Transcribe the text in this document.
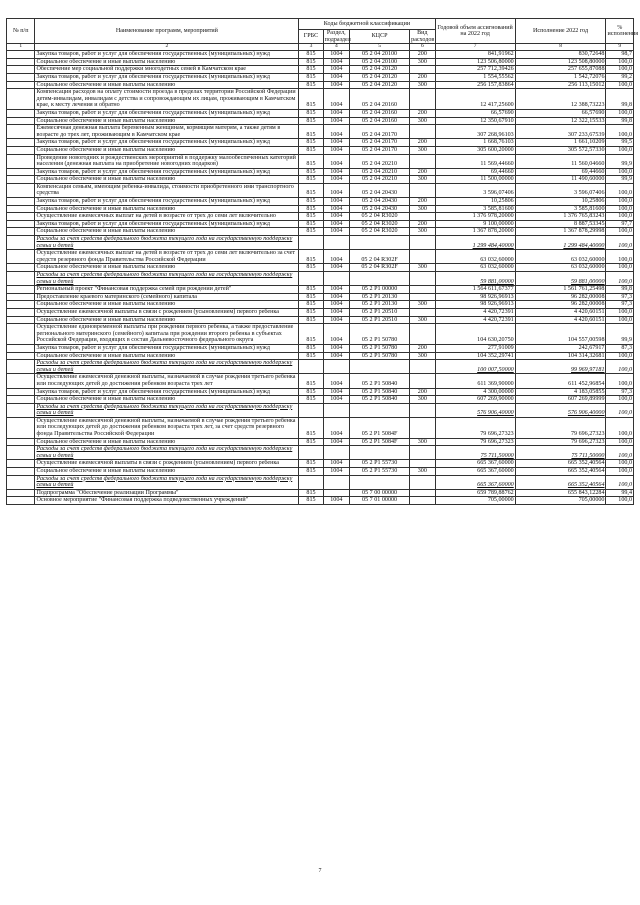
№ п/п	Наименование программ, мероприятий	Коды бюджетной классификации				Годовой объем ассигнований на 2022 год	Исполнение 2022 год	% исполнения
		ГРБС	Раздел, подраздел	КЦСР	Вид расходов			
1	2	3	4	5	6	7	8	9
	Закупка товаров, работ и услуг для обеспечения государственных (муниципальных) нужд	815	1004	05 2 04 20100	200	841,91962	830,72648	98,7
	Социальное обеспечение и иные выплаты населению	815	1004	05 2 04 20100	300	123 506,80000	123 508,80000	100,0
	Обеспечение мер социальной поддержки многодетных семей в Камчатском крае	815	1004	05 2 04 20120		257 712,39426	257 655,87088	100,0
	Закупка товаров, работ и услуг для обеспечения государственных (муниципальных) нужд	815	1004	05 2 04 20120	200	1 554,55562	1 542,72076	99,2
	Социальное обеспечение и иные выплаты населению	815	1004	05 2 04 20120	300	256 157,83864	256 113,15012	100,0
	Компенсация расходов на оплату стоимости проезда в пределах территории Российской Федерации детям-инвалидам, инвалидам с детства и сопровождающим их лицам, проживающим в Камчатском крае, к месту лечения и обратно	815	1004	05 2 04 20160		12 417,25600	12 388,73223	99,8
	Закупка товаров, работ и услуг для обеспечения государственных (муниципальных) нужд	815	1004	05 2 04 20160	200	66,57690	66,57690	100,0
	Социальное обеспечение и иные выплаты населению	815	1004	05 2 04 20160	300	12 350,67910	12 322,15533	99,8
	Ежемесячная денежная выплата беременным женщинам, кормящим матерям, а также детям в возрасте до трех лет, проживающим в Камчатском крае	815	1004	05 2 04 20170		307 268,96103	307 233,67539	100,0
	Закупка товаров, работ и услуг для обеспечения государственных (муниципальных) нужд	815	1004	05 2 04 20170	200	1 668,76103	1 661,10209	99,5
	Социальное обеспечение и иные выплаты населению	815	1004	05 2 04 20170	300	305 600,20000	305 572,57330	100,0
	Проведение новогодних и рождественских мероприятий в поддержку малообеспеченных категорий населения (денежная выплата на приобретение новогодних подарков)	815	1004	05 2 04 20210		11 569,44660	11 560,04660	99,9
	Закупка товаров, работ и услуг для обеспечения государственных (муниципальных) нужд	815	1004	05 2 04 20210	200	69,44660	69,44660	100,0
	Социальное обеспечение и иные выплаты населению	815	1004	05 2 04 20210	300	11 500,00000	11 490,60000	99,9
	Компенсация семьям, имеющим ребенка-инвалида, стоимости приобретенного ими транспортного средства	815	1004	05 2 04 20430		3 596,07406	3 596,07406	100,0
	Закупка товаров, работ и услуг для обеспечения государственных (муниципальных) нужд	815	1004	05 2 04 20430	200	10,25806	10,25806	100,0
	Социальное обеспечение и иные выплаты населению	815	1004	05 2 04 20430	300	3 585,81600	3 585,81600	100,0
	Осуществление ежемесячных выплат на детей в возрасте от трех до семи лет включительно	815	1004	05 2 04 R3020		1 376 978,20000	1 376 765,83243	100,0
	Закупка товаров, работ и услуг для обеспечения государственных (муниципальных) нужд	815	1004	05 2 04 R3020	200	9 100,00000	8 887,53345	97,7
	Социальное обеспечение и иные выплаты населению	815	1004	05 2 04 R3020	300	1 367 878,20000	1 367 878,29998	100,0
	Расходы за счет средств федерального бюджета текущего года на государственную поддержку семьи и детей					1 299 484,40000	1 299 484,40000	100,0
	Осуществление ежемесячных выплат на детей в возрасте от трех до семи лет включительно за счет средств резервного фонда Правительства Российской Федерации	815	1004	05 2 04 R302F		63 032,60000	63 032,60000	100,0
	Социальное обеспечение и иные выплаты населению	815	1004	05 2 04 R302F	300	63 032,60000	63 032,60000	100,0
	Расходы за счет средств федерального бюджета текущего года на государственную поддержку семьи и детей					59 881,00000	59 881,00000	100,0
	Региональный проект "Финансовая поддержка семей при рождении детей"	815	1004	05 2 P1 00000		1 564 611,67377	1 561 761,25498	99,8
	Предоставление краевого материнского (семейного) капитала	815	1004	05 2 P1 20130		98 926,96913	96 282,00008	97,3
	Социальное обеспечение и иные выплаты населению	815	1004	05 2 P1 20130	300	98 926,96913	96 282,00008	97,3
	Осуществление ежемесячной выплаты в связи с рождением (усыновлением) первого ребенка	815	1004	05 2 P1 20510		4 420,72391	4 420,60151	100,0
	Социальное обеспечение и иные выплаты населению	815	1004	05 2 P1 20510	300	4 420,72391	4 420,60151	100,0
	Осуществление единовременной выплаты при рождении первого ребенка, а также предоставление регионального материнского (семейного) капитала при рождении второго ребенка в субъектах Российской Федерации, входящих в состав Дальневосточного федерального округа	815	1004	05 2 P1 50780		104 630,20750	104 557,00598	99,9
	Закупка товаров, работ и услуг для обеспечения государственных (муниципальных) нужд	815	1004	05 2 P1 50780	200	277,91009	242,67917	87,3
	Социальное обеспечение и иные выплаты населению	815	1004	05 2 P1 50780	300	104 352,29741	104 314,32681	100,0
	Расходы за счет средств федерального бюджета текущего года на государственную поддержку семьи и детей					100 007,50000	99 969,97181	100,0
	Осуществление ежемесячной денежной выплаты, назначаемой в случае рождения третьего ребенка или последующих детей до достижения ребенком возраста трех лет	815	1004	05 2 P1 50840		611 369,90000	611 452,96854	100,0
	Закупка товаров, работ и услуг для обеспечения государственных (муниципальных) нужд	815	1004	05 2 P1 50840	200	4 300,00000	4 183,05855	97,3
	Социальное обеспечение и иные выплаты населению	815	1004	05 2 P1 50840	300	607 269,90000	607 269,89999	100,0
	Расходы за счет средств федерального бюджета текущего года на государственную поддержку семьи и детей					576 906,40000	576 906,40000	100,0
	Осуществление ежемесячной денежной выплаты, назначаемой в случае рождения третьего ребенка или последующих детей до достижения ребенком возраста трех лет, за счет средств резервного фонда Правительства Российской Федерации	815	1004	05 2 P1 5084F		79 696,27323	79 696,27323	100,0
	Социальное обеспечение и иные выплаты населению	815	1004	05 2 P1 5084F	300	79 696,27323	79 696,27323	100,0
	Расходы за счет средств федерального бюджета текущего года на государственную поддержку семьи и детей					75 711,50000	75 711,50000	100,0
	Осуществление ежемесячной выплаты в связи с рождением (усыновлением) первого ребенка	815	1004	05 2 P1 55730		665 367,60000	665 352,40564	100,0
	Социальное обеспечение и иные выплаты населению	815	1004	05 2 P1 55730	300	665 367,60000	665 352,40564	100,0
	Расходы за счет средств федерального бюджета текущего года на государственную поддержку семьи и детей					665 367,60000	665 352,40564	100,0
	Подпрограмма "Обеспечение реализации Программы"	815		05 7 00 00000		659 789,88762	655 843,12284	99,4
	Основное мероприятие "Финансовая поддержка подведомственных учреждений"	815	1004	05 7 01 00000		705,00000	705,00000	100,0
7
